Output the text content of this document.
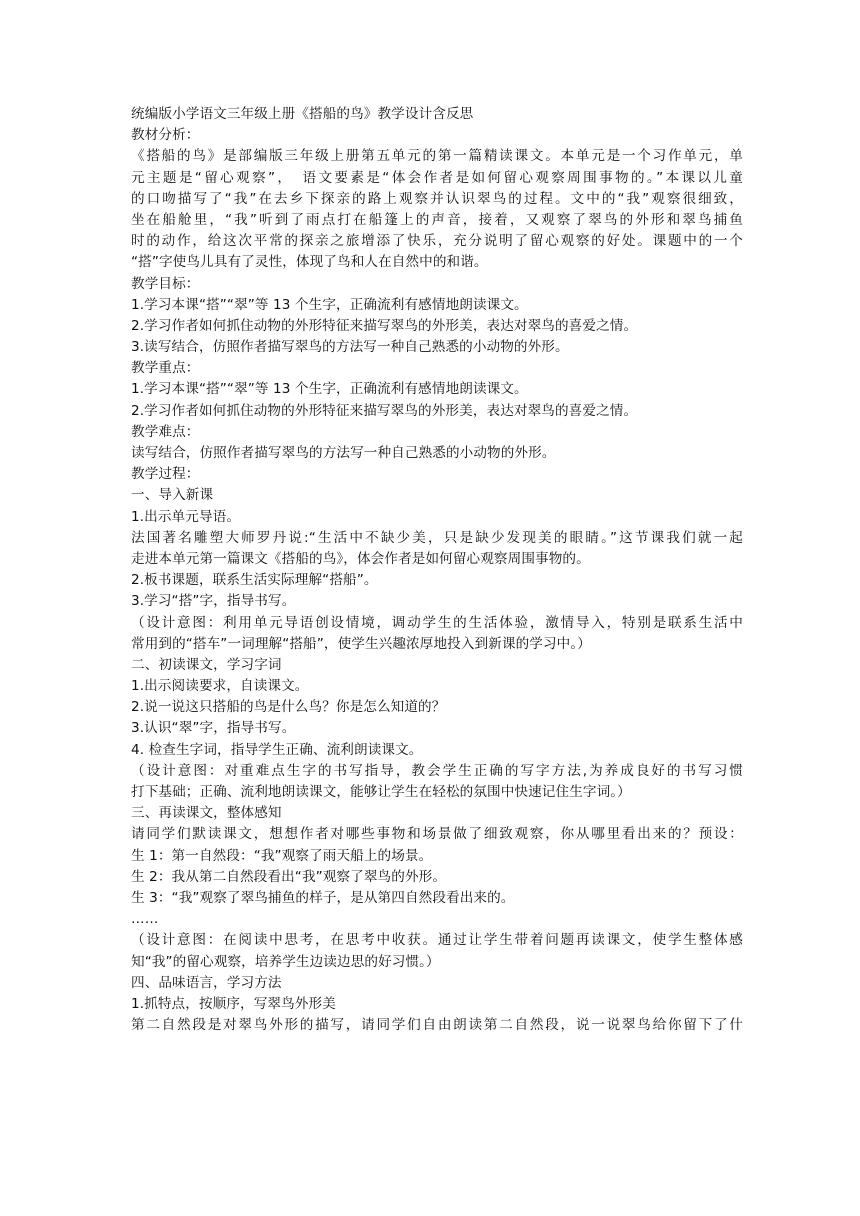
统编版小学语文三年级上册《搭船的鸟》教学设计含反思
教材分析：
《搭船的鸟》是部编版三年级上册第五单元的第一篇精读课文。本单元是一个习作单元，单
元主题是“留心观察”，　语文要素是“体会作者是如何留心观察周围事物的。”本课以儿童
的口吻描写了“我”在去乡下探亲的路上观察并认识翠鸟的过程。文中的“我”观察很细致，
坐在船舱里，“我”听到了雨点打在船篷上的声音，接着，又观察了翠鸟的外形和翠鸟捕鱼
时的动作，给这次平常的探亲之旅增添了快乐，充分说明了留心观察的好处。课题中的一个
“搭”字使鸟儿具有了灵性，体现了鸟和人在自然中的和谐。
教学目标：
1.学习本课“搭”“翠”等 13 个生字，正确流利有感情地朗读课文。
2.学习作者如何抓住动物的外形特征来描写翠鸟的外形美，表达对翠鸟的喜爱之情。
3.读写结合，仿照作者描写翠鸟的方法写一种自己熟悉的小动物的外形。
教学重点：
1.学习本课“搭”“翠”等 13 个生字，正确流利有感情地朗读课文。
2.学习作者如何抓住动物的外形特征来描写翠鸟的外形美，表达对翠鸟的喜爱之情。
教学难点：
读写结合，仿照作者描写翠鸟的方法写一种自己熟悉的小动物的外形。
教学过程：
一、导入新课
1.出示单元导语。
法国著名雕塑大师罗丹说:“生活中不缺少美，只是缺少发现美的眼睛。”这节课我们就一起
走进本单元第一篇课文《搭船的鸟》，体会作者是如何留心观察周围事物的。
2.板书课题，联系生活实际理解“搭船”。
3.学习“搭”字，指导书写。
（设计意图：利用单元导语创设情境，调动学生的生活体验，激情导入，特别是联系生活中
常用到的“搭车”一词理解“搭船”，使学生兴趣浓厚地投入到新课的学习中。）
二、初读课文，学习字词
1.出示阅读要求，自读课文。
2.说一说这只搭船的鸟是什么鸟？你是怎么知道的？
3.认识“翠”字，指导书写。
4. 检查生字词，指导学生正确、流利朗读课文。
（设计意图：对重难点生字的书写指导，教会学生正确的写字方法,为养成良好的书写习惯
打下基础；正确、流利地朗读课文，能够让学生在轻松的氛围中快速记住生字词。）
三、再读课文，整体感知
请同学们默读课文，想想作者对哪些事物和场景做了细致观察，你从哪里看出来的？预设：
生 1：第一自然段：“我”观察了雨天船上的场景。
生 2：我从第二自然段看出“我”观察了翠鸟的外形。
生 3：“我”观察了翠鸟捕鱼的样子，是从第四自然段看出来的。
……
（设计意图：在阅读中思考，在思考中收获。通过让学生带着问题再读课文，使学生整体感
知“我”的留心观察，培养学生边读边思的好习惯。）
四、品味语言，学习方法
1.抓特点，按顺序，写翠鸟外形美
第二自然段是对翠鸟外形的描写，请同学们自由朗读第二自然段，说一说翠鸟给你留下了什
